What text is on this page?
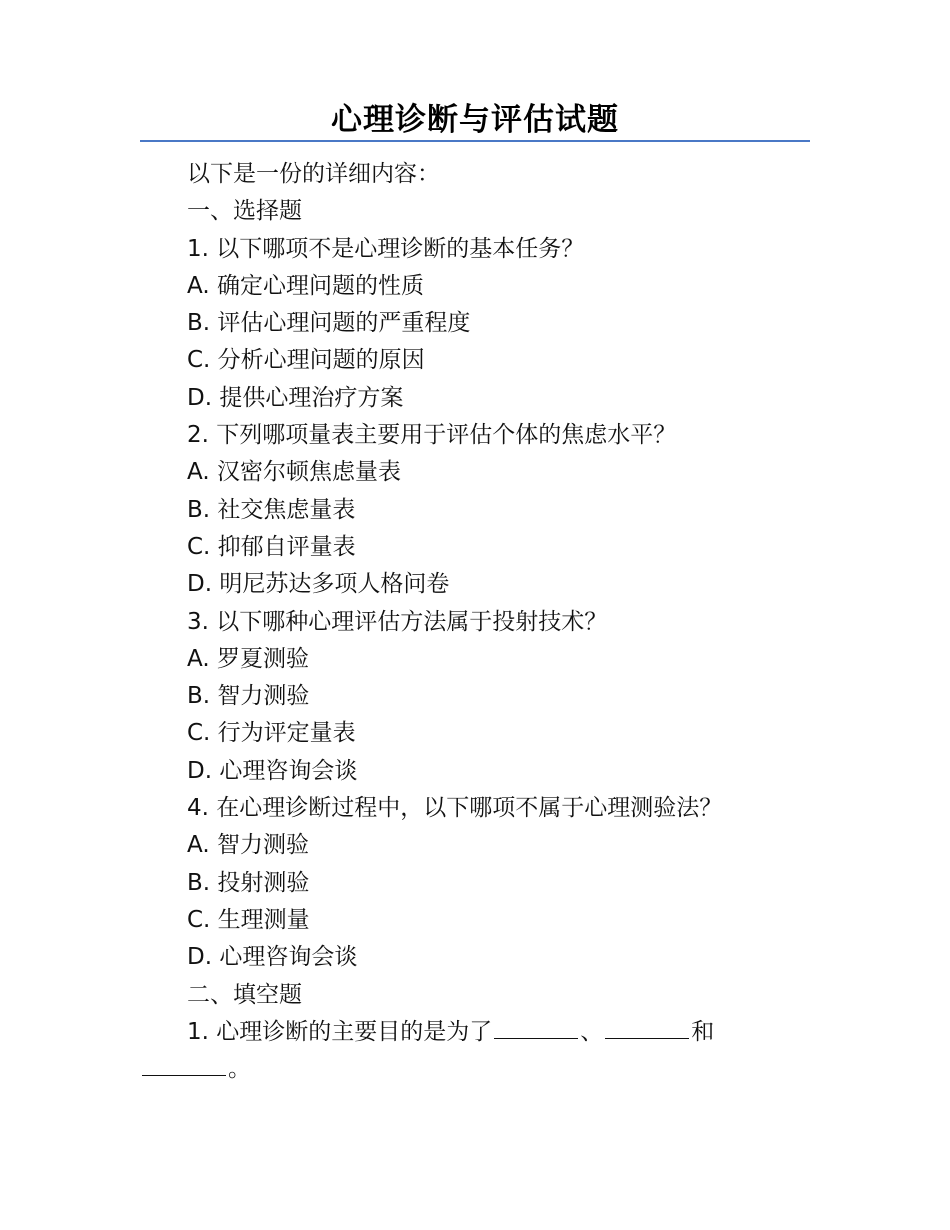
心理诊断与评估试题
以下是一份的详细内容：
一、选择题
1. 以下哪项不是心理诊断的基本任务？
A. 确定心理问题的性质
B. 评估心理问题的严重程度
C. 分析心理问题的原因
D. 提供心理治疗方案
2. 下列哪项量表主要用于评估个体的焦虑水平？
A. 汉密尔顿焦虑量表
B. 社交焦虑量表
C. 抑郁自评量表
D. 明尼苏达多项人格问卷
3. 以下哪种心理评估方法属于投射技术？
A. 罗夏测验
B. 智力测验
C. 行为评定量表
D. 心理咨询会谈
4. 在心理诊断过程中，以下哪项不属于心理测验法？
A. 智力测验
B. 投射测验
C. 生理测量
D. 心理咨询会谈
二、填空题
1. 心理诊断的主要目的是为了	、	和
。
